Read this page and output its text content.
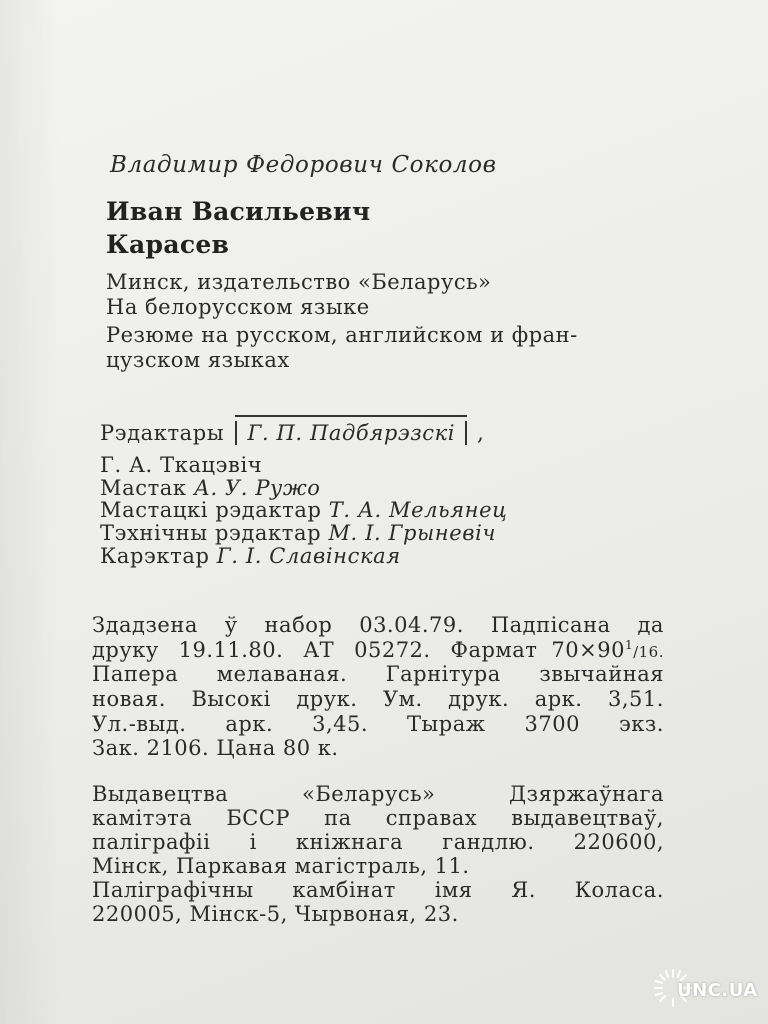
Владимир Федорович Соколов
Иван Васильевич
Карасев
Минск, издательство «Беларусь»
На белорусском языке
Резюме на русском, английском и фран-
цузском языках
Рэдактары Г. П. Падбярэзскі ,
Г. А. Ткацэвіч
Мастак А. У. Ружо
Мастацкі рэдактар Т. А. Мельянец
Тэхнічны рэдактар М. І. Грыневіч
Карэктар Г. І. Славінская
Здадзена ў набор 03.04.79. Падпісана да
друку 19.11.80. АТ 05272. Фармат $70\times 90^1/16$.
Папера мелаваная. Гарнітура звычайная
новая. Высокі друк. Ум. друк. арк. 3,51.
Ул.-выд. арк. 3,45. Тыраж 3700 экз.
Зак. 2106. Цана 80 к.
Выдавецтва	«Беларусь»	Дзяржаўнага
камітэта БССР па справах выдавецтваў,
паліграфіі і кніжнага гандлю. 220600,
Мінск, Паркавая магістраль, 11.
Паліграфічны камбінат імя Я. Коласа.
220005, Мінск-5, Чырвоная, 23.
UNC.UA
